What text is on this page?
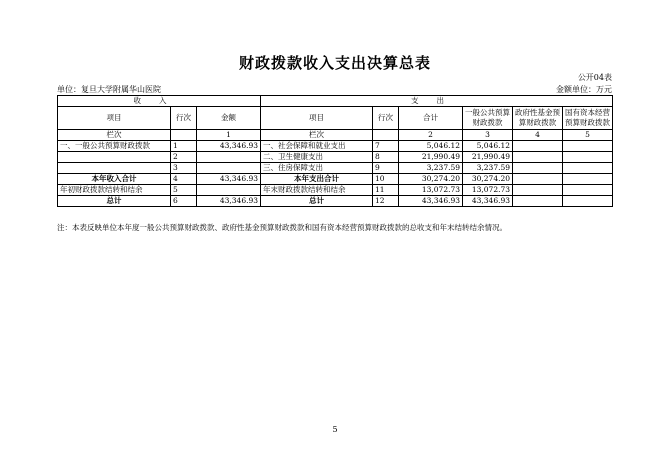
财政拨款收入支出决算总表
公开04表
单位：复旦大学附属华山医院	金额单位：万元
收入			支出					
项目	行次	金额	项目	行次	合计	一般公共预算财政拨款	政府性基金预算财政拨款	国有资本经营预算财政拨款
栏次		1	栏次		2	3	4	5
一、一般公共预算财政拨款	1	43,346.93	一、社会保障和就业支出	7	5,046.12	5,046.12		
	2		二、卫生健康支出	8	21,990.49	21,990.49		
	3		三、住房保障支出	9	3,237.59	3,237.59		
本年收入合计	4	43,346.93	本年支出合计	10	30,274.20	30,274.20		
年初财政拨款结转和结余	5		年末财政拨款结转和结余	11	13,072.73	13,072.73		
总计	6	43,346.93	总计	12	43,346.93	43,346.93		
注：本表反映单位本年度一般公共预算财政拨款、政府性基金预算财政拨款和国有资本经营预算财政拨款的总收支和年末结转结余情况。
5
